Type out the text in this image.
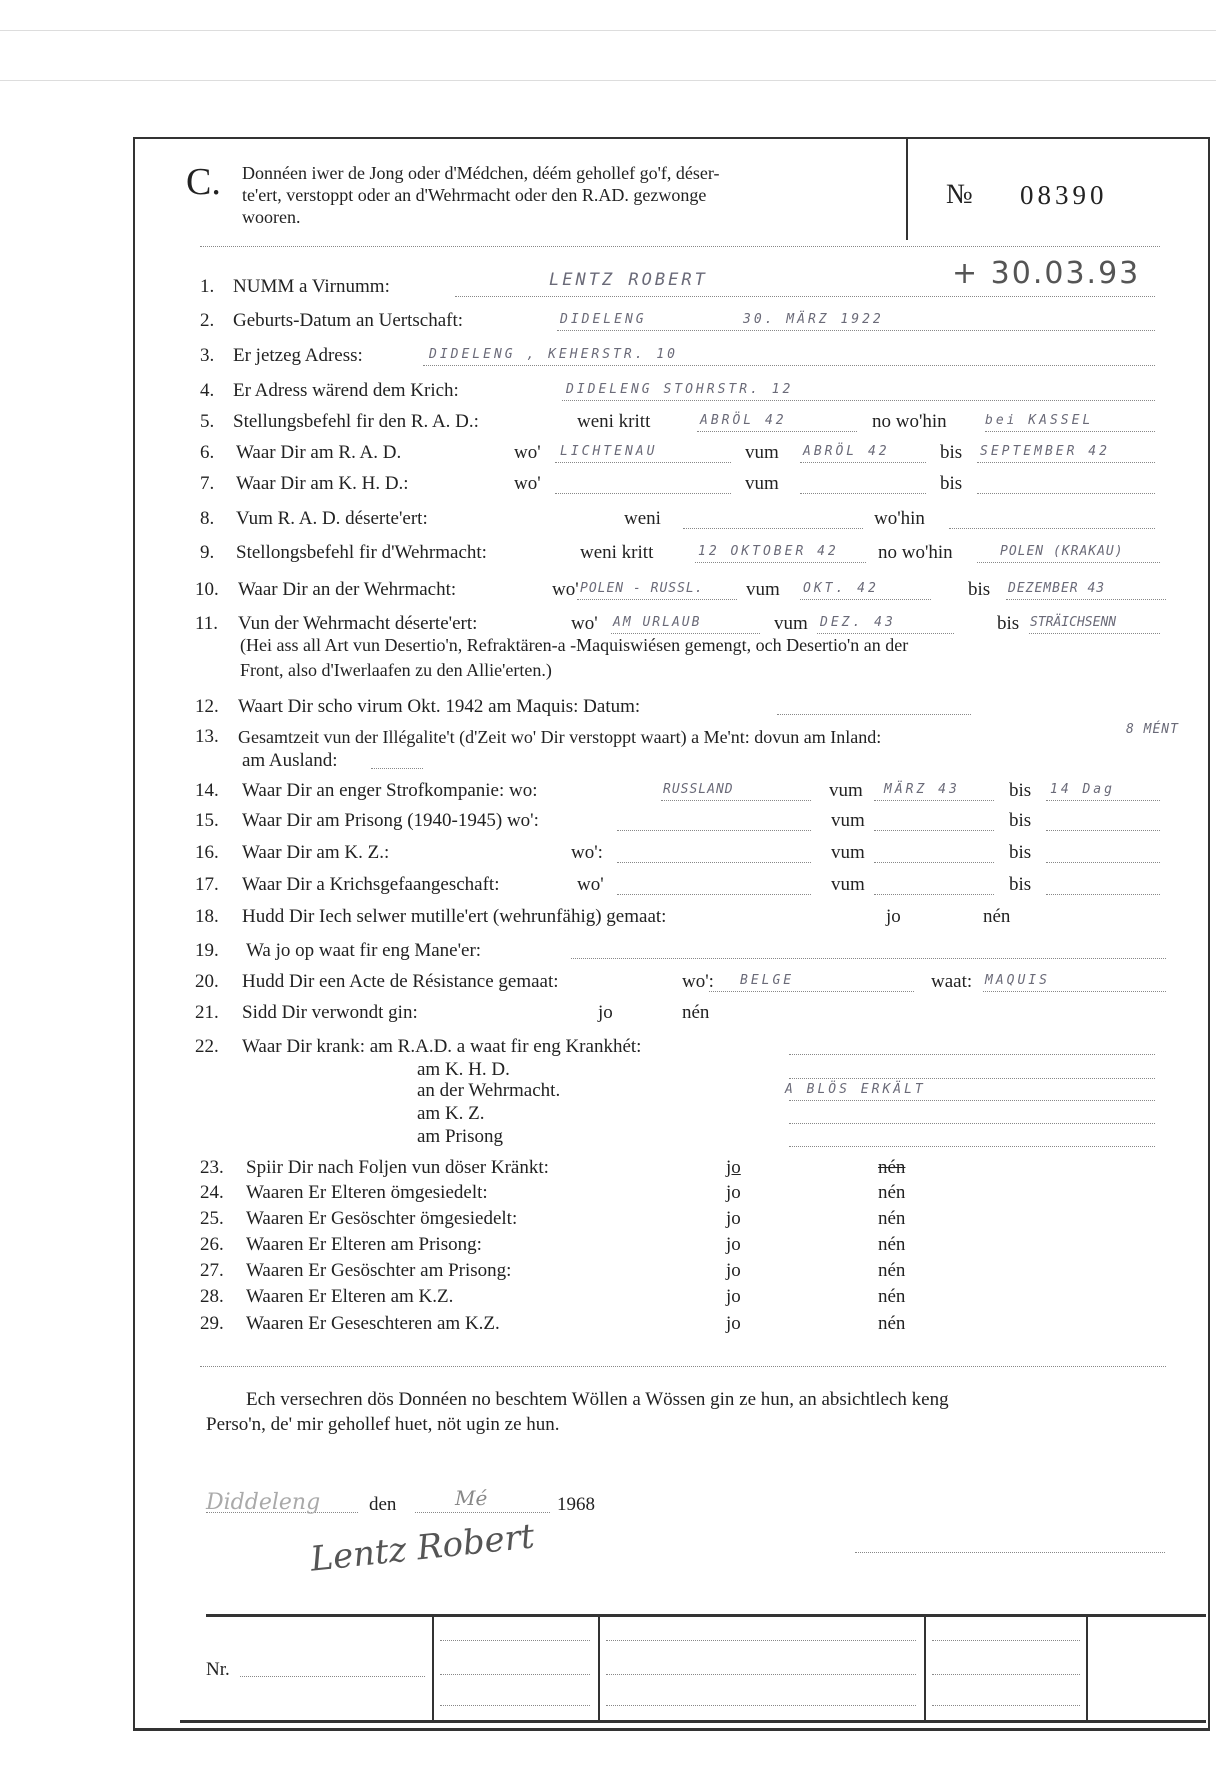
C. Donnéen iwer de Jong oder d'Médchen, déém gehollef go'f, déser-
te'ert, verstoppt oder an d'Wehrmacht oder den R.AD. gezwonge
wooren.
№ 08390
1. NUMM a Virnumm:	LENTZ ROBERT	+ 30.03.93
2. Geburts-Datum an Uertschaft:	DIDELENG	30. MÄRZ 1922
3. Er jetzeg Adress:	DIDELENG , KEHERSTR. 10
4. Er Adress wärend dem Krich:	DIDELENG STOHRSTR. 12
5. Stellungsbefehl fir den R. A. D.:	weni kritt	ABRÖL 42	no wo'hin	bei KASSEL
6. Waar Dir am R. A. D.	wo' LICHTENAU	vum ABRÖL 42	bis SEPTEMBER 42
7. Waar Dir am K. H. D.:	wo'	vum	bis
8. Vum R. A. D. déserte'ert:	weni	wo'hin
9. Stellongsbefehl fir d'Wehrmacht:	weni kritt	12 OKTOBER 42 no wo'hin	POLEN (KRAKAU)
10. Waar Dir an der Wehrmacht:	wo' POLEN - RUSSL. vum OKT. 42	bis DEZEMBER 43
11. Vun der Wehrmacht déserte'ert:	wo' AM URLAUB	vum DEZ. 43	bis STRÄICHSENN
(Hei ass all Art vun Desertio'n, Refraktären-a -Maquiswiésen gemengt, och Desertio'n an der
Front, also d'Iwerlaafen zu den Allie'erten.)
12. Waart Dir scho virum Okt. 1942 am Maquis: Datum:
13. Gesamtzeit vun der Illégalite't (d'Zeit wo' Dir verstoppt waart) a Me'nt: dovun am Inland:	8 MÉNT
am Ausland:
14. Waar Dir an enger Strofkompanie: wo:	RUSSLAND	vum MÄRZ 43	bis 14 Dag
15. Waar Dir am Prisong (1940-1945) wo':	vum	bis
16. Waar Dir am K. Z.:	wo':	vum	bis
17. Waar Dir a Krichsgefaangeschaft:	wo'	vum	bis
18. Hudd Dir Iech selwer mutille'ert (wehrunfähig) gemaat:	jo	nén
19. Wa jo op waat fir eng Mane'er:
20. Hudd Dir een Acte de Résistance gemaat:	wo': BELGE	waat: MAQUIS
21. Sidd Dir verwondt gin:	jo	nén
22. Waar Dir krank: am R.A.D. a waat fir eng Krankhét:
am K. H. D.
an der Wehrmacht.	A BLÖS ERKÄLT
am K. Z.
am Prisong
23. Spiir Dir nach Foljen vun döser Kränkt:	jo	nén
24. Waaren Er Elteren ömgesiedelt:	jo	nén
25. Waaren Er Gesöschter ömgesiedelt:	jo	nén
26. Waaren Er Elteren am Prisong:	jo	nén
27. Waaren Er Gesöschter am Prisong:	jo	nén
28. Waaren Er Elteren am K.Z.	jo	nén
29. Waaren Er Geseschteren am K.Z.	jo	nén
Ech versechren dös Donnéen no beschtem Wöllen a Wössen gin ze hun, an absichtlech keng
Perso'n, de' mir gehollef huet, nöt ugin ze hun.
Diddeleng	den	Mé	1968
Lentz Robert
Nr.
